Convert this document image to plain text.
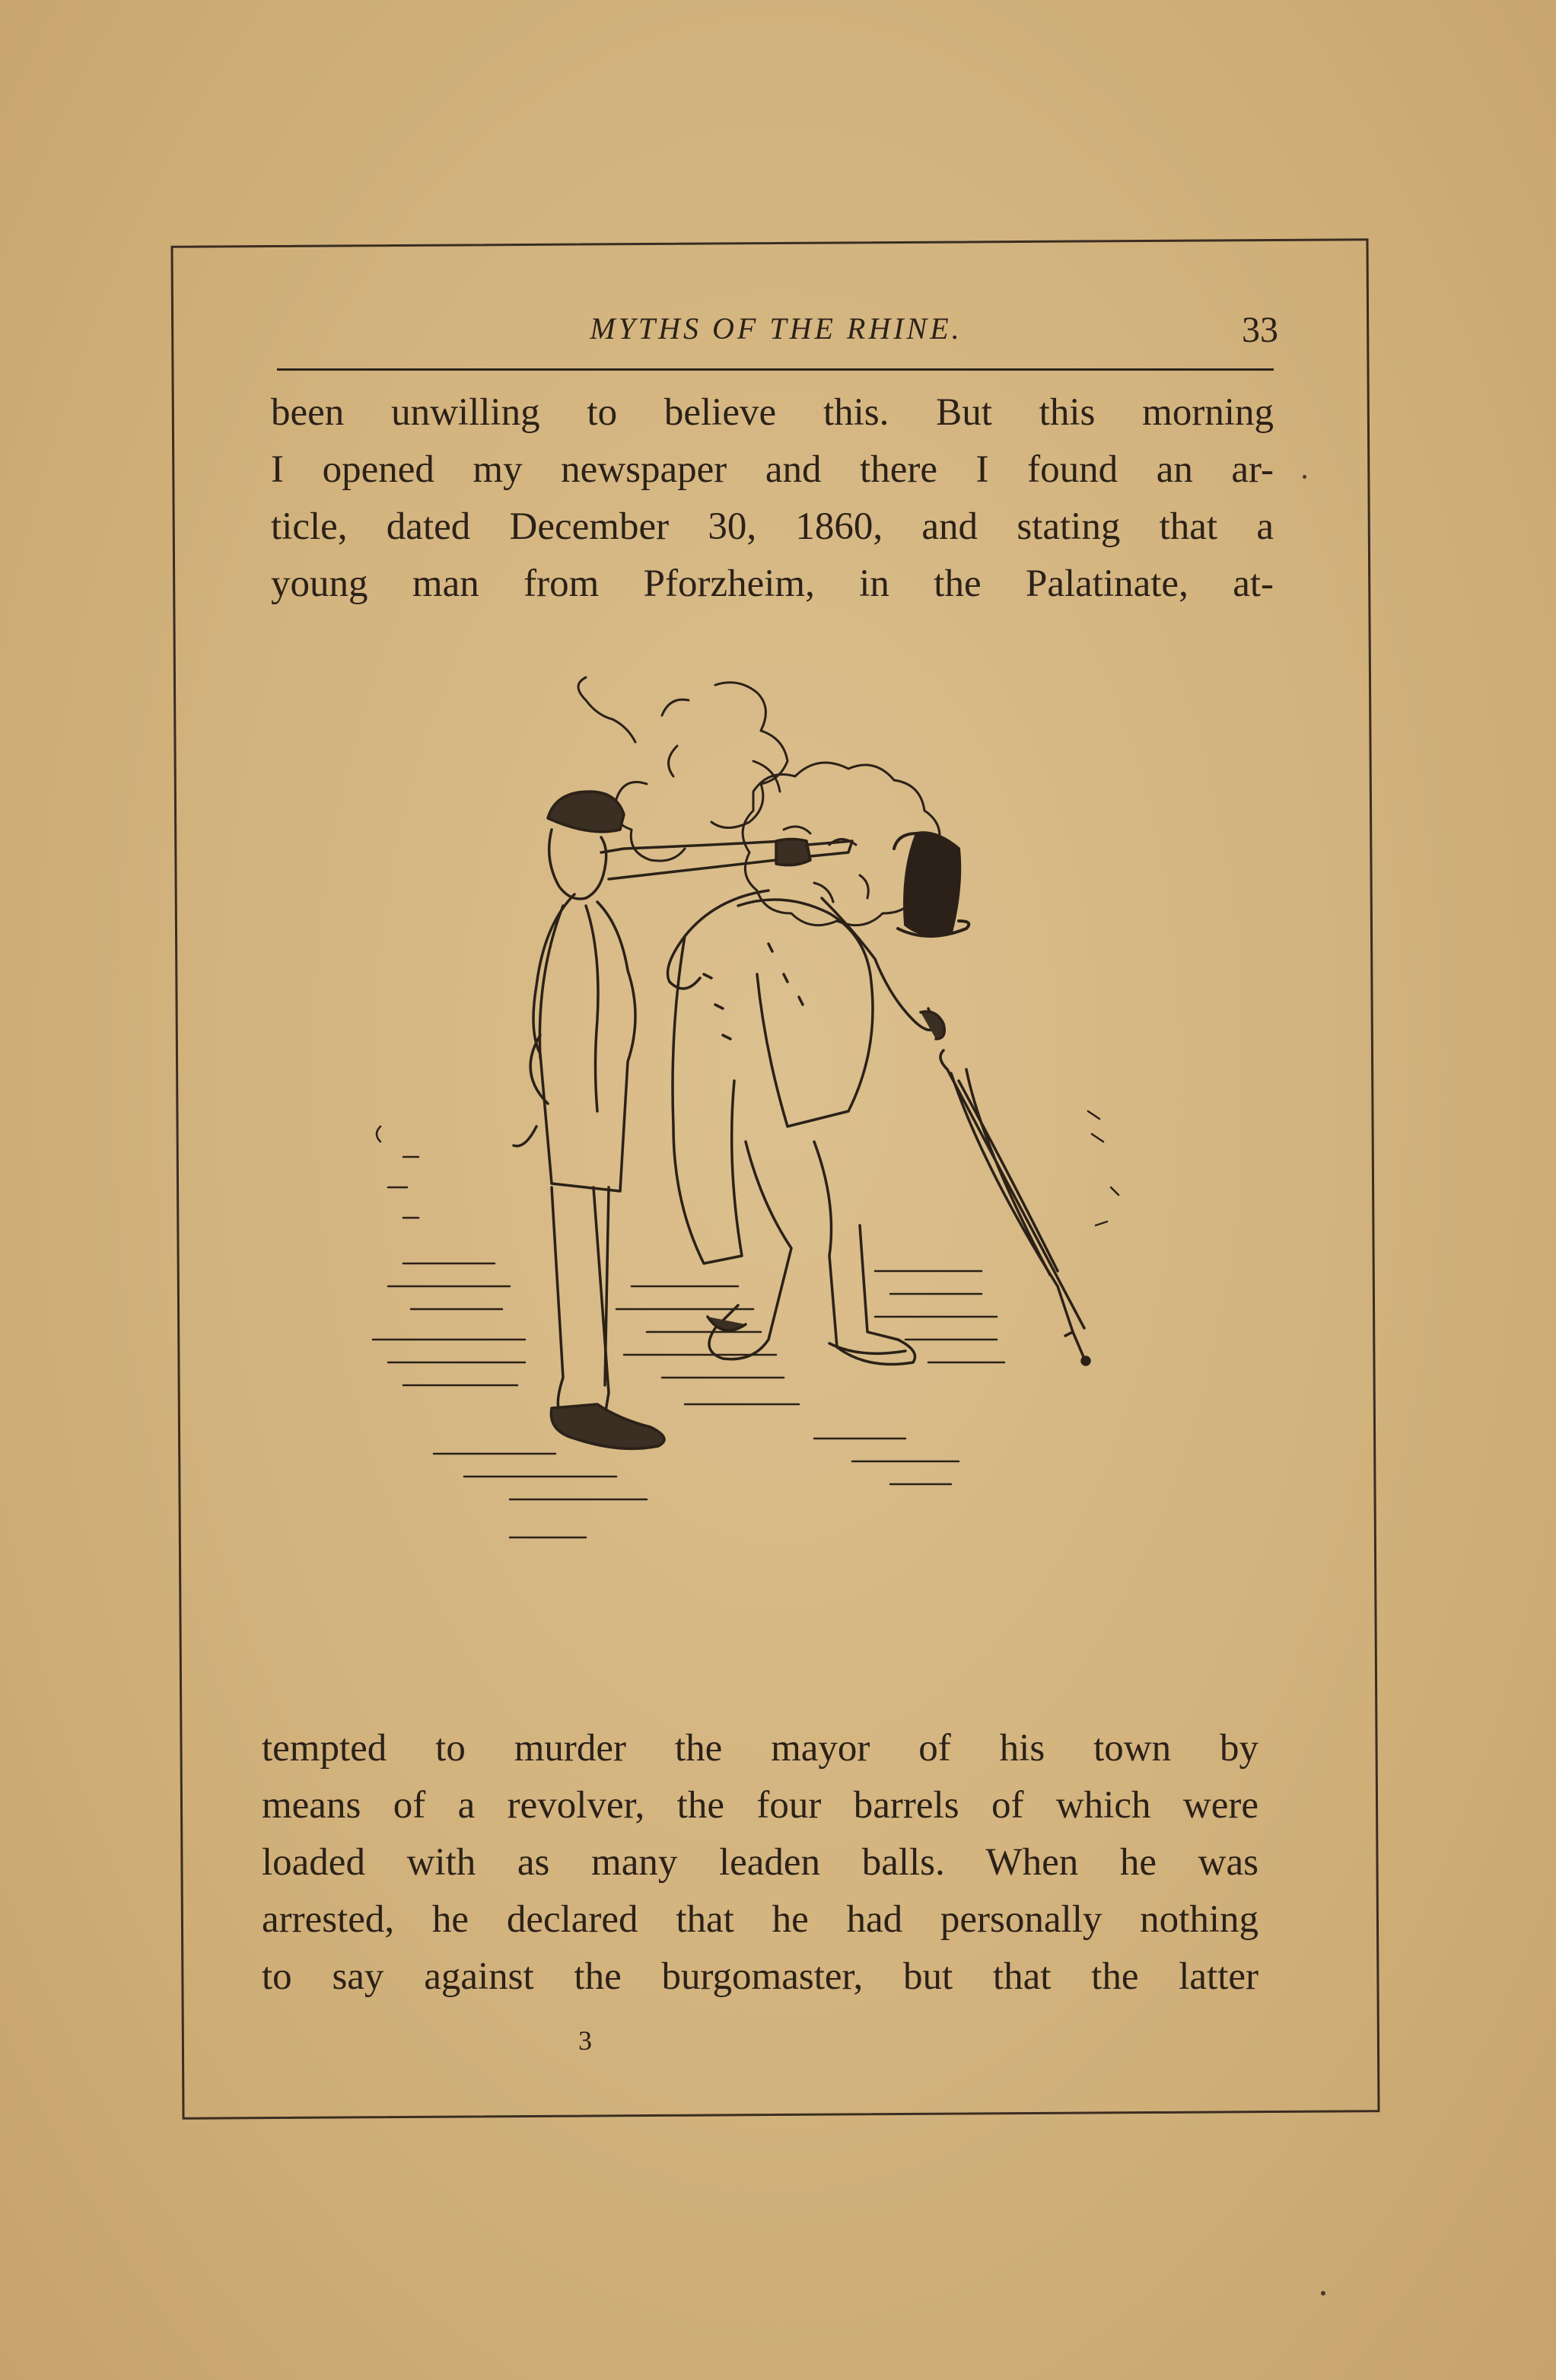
MYTHS OF THE RHINE.	33
been unwilling to believe this. But this morning
I opened my newspaper and there I found an ar-
ticle, dated December 30, 1860, and stating that a
young man from Pforzheim, in the Palatinate, at-
tempted to murder the mayor of his town by
means of a revolver, the four barrels of which were
loaded with as many leaden balls. When he was
arrested, he declared that he had personally nothing
to say against the burgomaster, but that the latter
3
